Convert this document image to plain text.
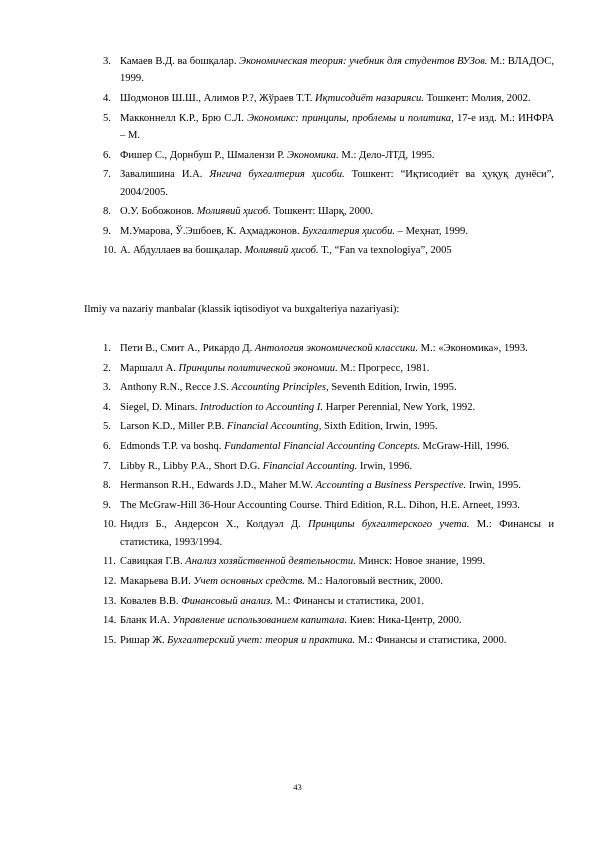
3. Камаев В.Д. ва бошқалар. Экономическая теория: учебник для студентов ВУЗов. М.: ВЛАДОС, 1999.
4. Шодмонов Ш.Ш., Алимов Р.?, Жўраев Т.Т. Иқтисодиёт назарияси. Тошкент: Молия, 2002.
5. Макконнелл К.Р., Брю С.Л. Экономикс: принципы, проблемы и политика, 17-е изд. М.: ИНФРА – М.
6. Фишер С., Дорнбуш Р., Шмалензи Р. Экономика. М.: Дело-ЛТД, 1995.
7. Завалишина И.А. Янгича бухгалтерия ҳисоби. Тошкент: “Иқтисодиёт ва ҳуқуқ дунёси”, 2004/2005.
8. О.У. Бобожонов. Молиявий ҳисоб. Тошкент: Шарқ, 2000.
9. М.Умарова, Ў.Эшбоев, К. Аҳмаджонов. Бухгалтерия ҳисоби. – Меҳнат, 1999.
10. А. Абдуллаев ва бошқалар. Молиявий ҳисоб. Т., “Fan va texnologiya”, 2005
Ilmiy va nazariy manbalar (klassik iqtisodiyot va buxgalteriya nazariyasi):
1. Пети В., Смит А., Рикардо Д. Антология экономической классики. М.: «Экономика», 1993.
2. Маршалл А. Принципы политической экономии. М.: Прогресс, 1981.
3. Anthony R.N., Recce J.S. Accounting Principles, Seventh Edition, Irwin, 1995.
4. Siegel, D. Minars. Introduction to Accounting I. Harper Perennial, New York, 1992.
5. Larson K.D., Miller P.B. Financial Accounting, Sixth Edition, Irwin, 1995.
6. Edmonds T.P. va boshq. Fundamental Financial Accounting Concepts. McGraw-Hill, 1996.
7. Libby R., Libby P.A., Short D.G. Financial Accounting. Irwin, 1996.
8. Hermanson R.H., Edwards J.D., Maher M.W. Accounting a Business Perspective. Irwin, 1995.
9. The McGraw-Hill 36-Hour Accounting Course. Third Edition, R.L. Dihon, H.E. Arneet, 1993.
10. Нидлз Б., Андерсон Х., Колдуэл Д. Принципы бухгалтерского учета. М.: Финансы и статистика, 1993/1994.
11. Савицкая Г.В. Анализ хозяйственной деятельности. Минск: Новое знание, 1999.
12. Макарьева В.И. Учет основных средств. М.: Налоговый вестник, 2000.
13. Ковалев В.В. Финансовый анализ. М.: Финансы и статистика, 2001.
14. Бланк И.А. Управление использованием капитала. Киев: Ника-Центр, 2000.
15. Ришар Ж. Бухгалтерский учет: теория и практика. М.: Финансы и статистика, 2000.
43
